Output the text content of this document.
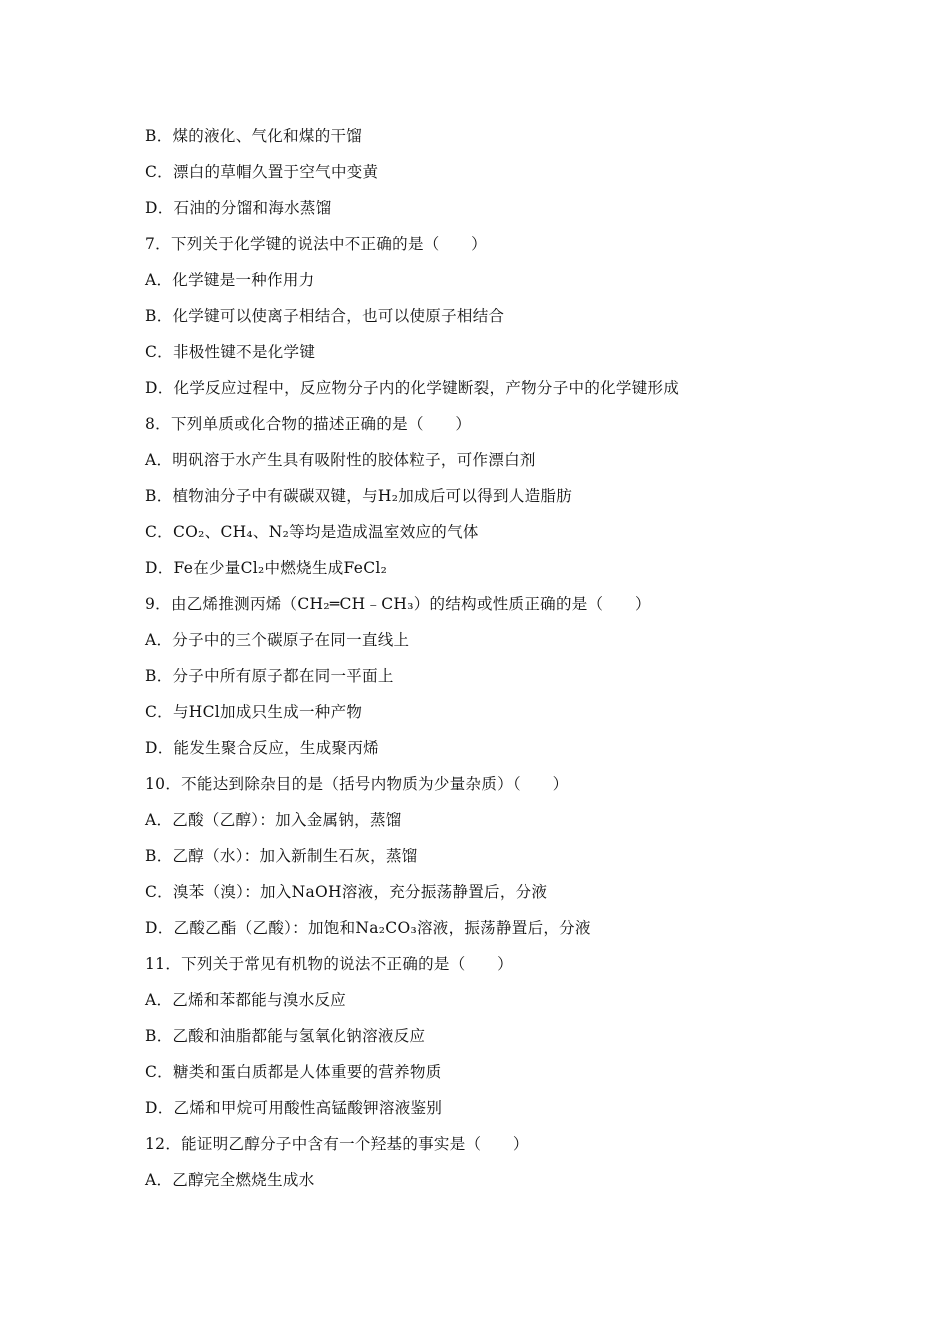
B．煤的液化、气化和煤的干馏
C．漂白的草帽久置于空气中变黄
D．石油的分馏和海水蒸馏
7．下列关于化学键的说法中不正确的是（　　）
A．化学键是一种作用力
B．化学键可以使离子相结合，也可以使原子相结合
C．非极性键不是化学键
D．化学反应过程中，反应物分子内的化学键断裂，产物分子中的化学键形成
8．下列单质或化合物的描述正确的是（　　）
A．明矾溶于水产生具有吸附性的胶体粒子，可作漂白剂
B．植物油分子中有碳碳双键，与H₂加成后可以得到人造脂肪
C．CO₂、CH₄、N₂等均是造成温室效应的气体
D．Fe在少量Cl₂中燃烧生成FeCl₂
9．由乙烯推测丙烯（CH₂═CH﹣CH₃）的结构或性质正确的是（　　）
A．分子中的三个碳原子在同一直线上
B．分子中所有原子都在同一平面上
C．与HCl加成只生成一种产物
D．能发生聚合反应，生成聚丙烯
10．不能达到除杂目的是（括号内物质为少量杂质）（　　）
A．乙酸（乙醇）：加入金属钠，蒸馏
B．乙醇（水）：加入新制生石灰，蒸馏
C．溴苯（溴）：加入NaOH溶液，充分振荡静置后，分液
D．乙酸乙酯（乙酸）：加饱和Na₂CO₃溶液，振荡静置后，分液
11．下列关于常见有机物的说法不正确的是（　　）
A．乙烯和苯都能与溴水反应
B．乙酸和油脂都能与氢氧化钠溶液反应
C．糖类和蛋白质都是人体重要的营养物质
D．乙烯和甲烷可用酸性高锰酸钾溶液鉴别
12．能证明乙醇分子中含有一个羟基的事实是（　　）
A．乙醇完全燃烧生成水
